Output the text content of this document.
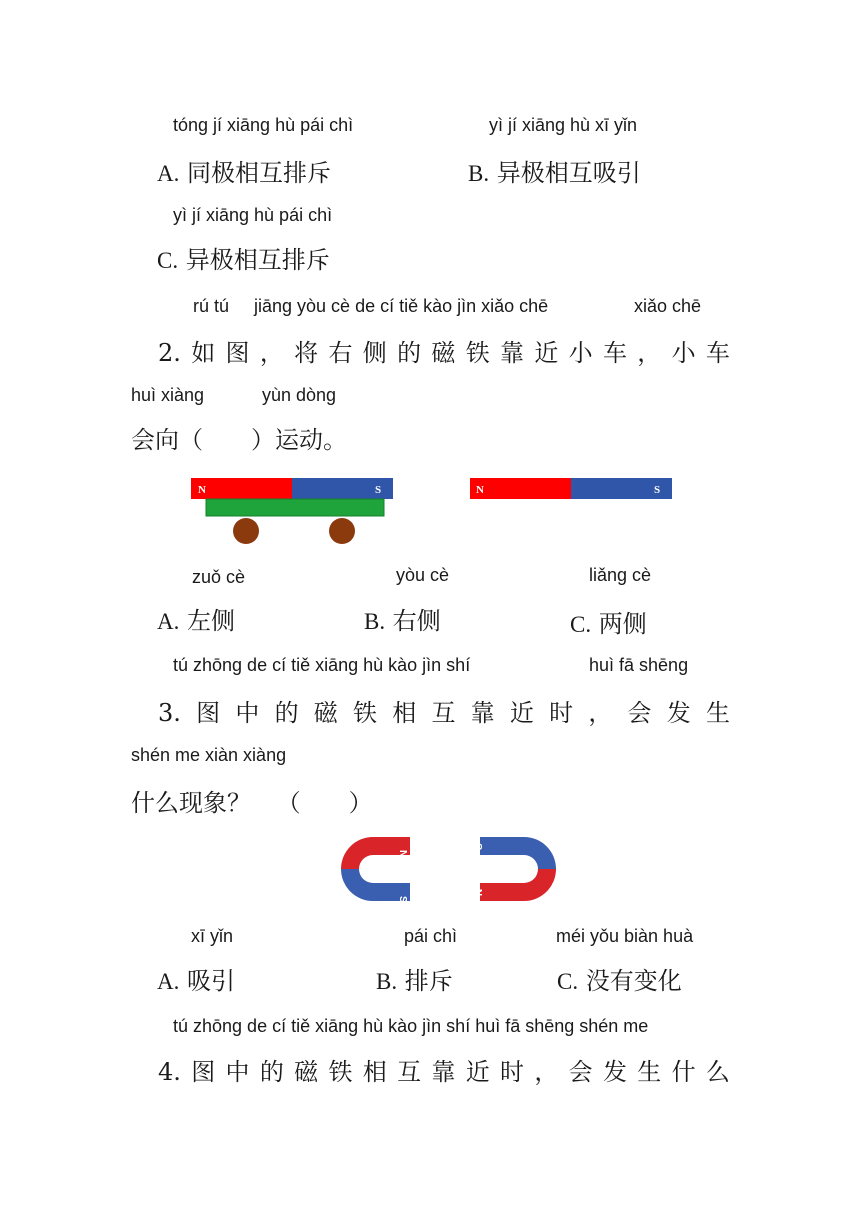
tóng jí xiāng hù pái chì	yì jí xiāng hù xī yǐn
A. 同极相互排斥	B. 异极相互吸引
yì jí xiāng hù pái chì
C. 异极相互排斥
rú tú jiāng yòu cè de cí tiě kào jìn xiǎo chē	xiǎo chē
2. 如 图 ， 将 右 侧 的 磁 铁 靠 近 小 车 ， 小 车
huì xiàng	yùn dòng
会向（　　）运动。
N	S	N	S
zuǒ cè	yòu cè	liǎng cè
A. 左侧	B. 右侧	C. 两侧
tú zhōng de cí tiě xiāng hù kào jìn shí	huì fā shēng
3. 图 中 的 磁 铁 相 互 靠 近 时 ， 会 发 生
shén me xiàn xiàng
什么现象？ （　　）
N
S
S
N
xī yǐn	pái chì	méi yǒu biàn huà
A. 吸引	B. 排斥	C. 没有变化
tú zhōng de cí tiě xiāng hù kào jìn shí huì fā shēng shén me
4. 图 中 的 磁 铁 相 互 靠 近 时 ， 会 发 生 什 么
